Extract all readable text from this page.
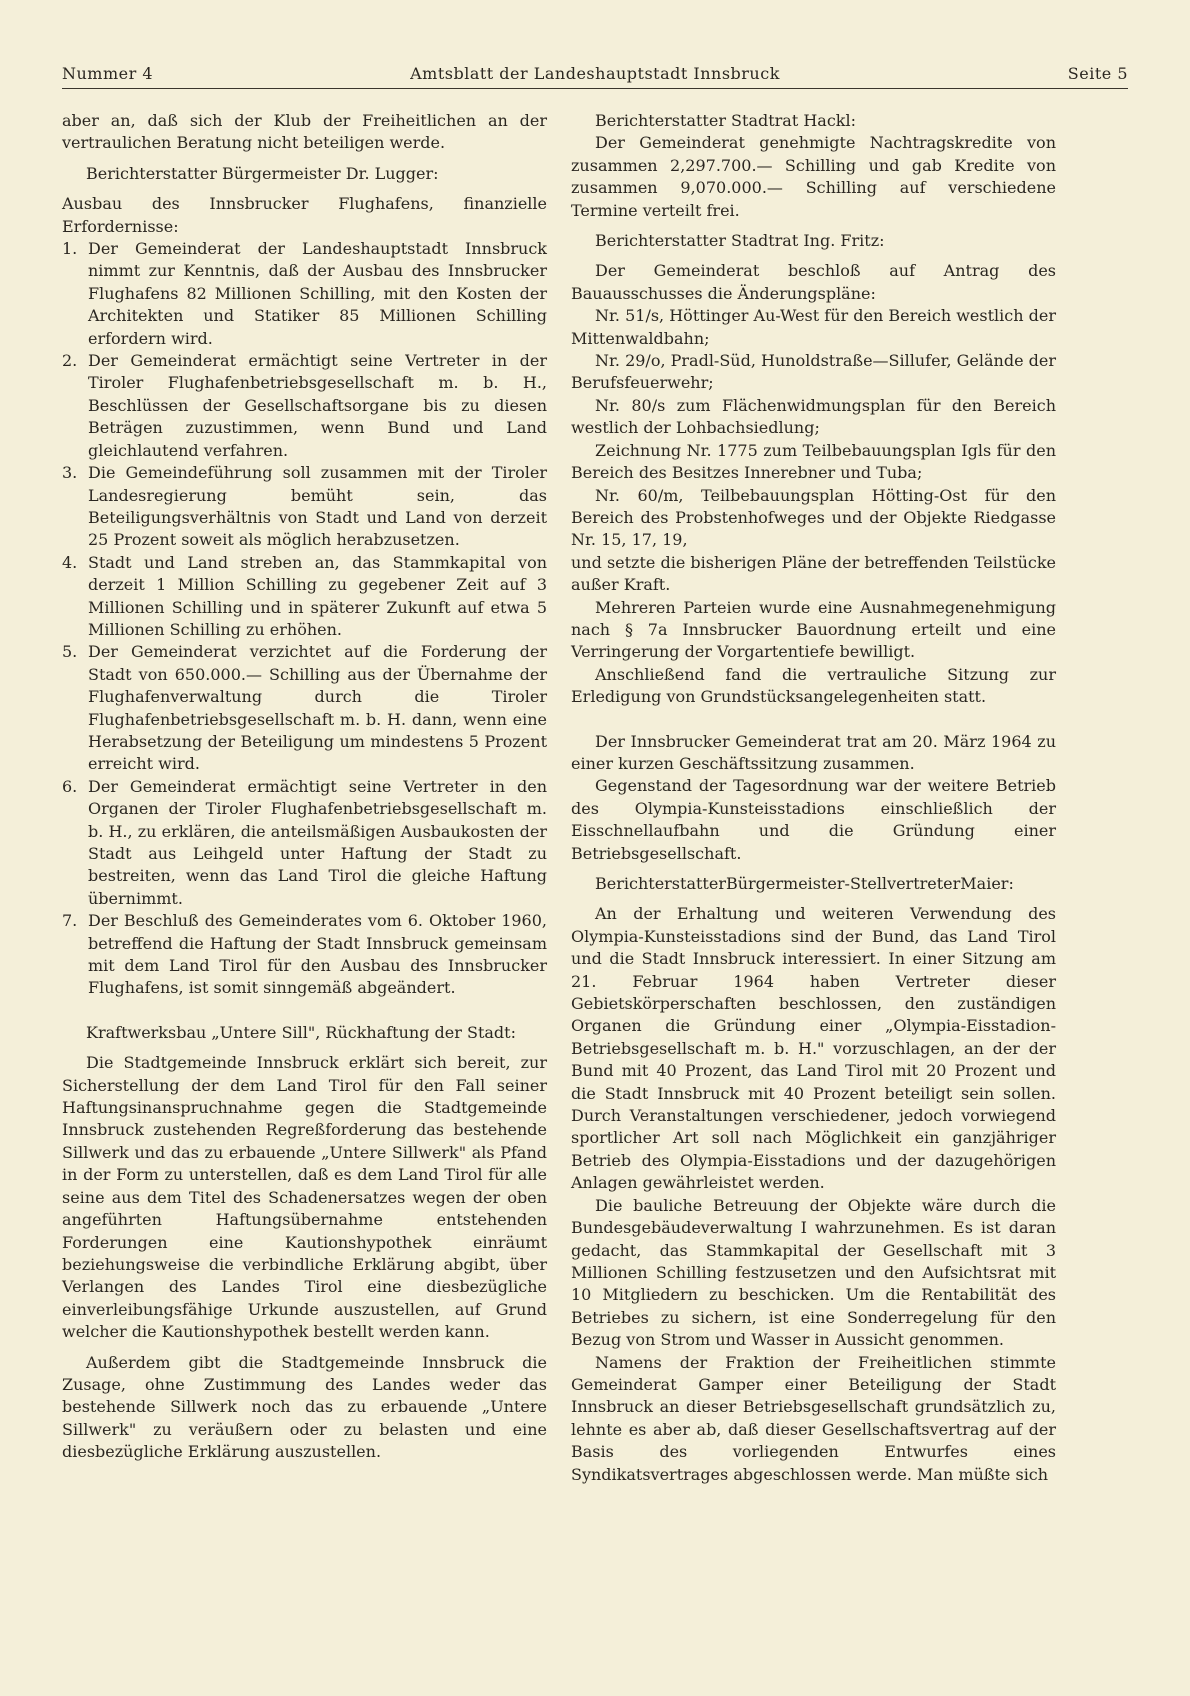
Nummer 4	Amtsblatt der Landeshauptstadt Innsbruck	Seite 5

aber an, daß sich der Klub der Freiheitlichen an der vertraulichen Beratung nicht beteiligen werde.

Berichterstatter Bürgermeister Dr. Lugger:

Ausbau des Innsbrucker Flughafens, finanzielle Erfordernisse:

1. Der Gemeinderat der Landeshauptstadt Innsbruck nimmt zur Kenntnis, daß der Ausbau des Innsbrucker Flughafens 82 Millionen Schilling, mit den Kosten der Architekten und Statiker 85 Millionen Schilling erfordern wird.
2. Der Gemeinderat ermächtigt seine Vertreter in der Tiroler Flughafenbetriebsgesellschaft m. b. H., Beschlüssen der Gesellschaftsorgane bis zu diesen Beträgen zuzustimmen, wenn Bund und Land gleichlautend verfahren.
3. Die Gemeindeführung soll zusammen mit der Tiroler Landesregierung bemüht sein, das Beteiligungsverhältnis von Stadt und Land von derzeit 25 Prozent soweit als möglich herabzusetzen.
4. Stadt und Land streben an, das Stammkapital von derzeit 1 Million Schilling zu gegebener Zeit auf 3 Millionen Schilling und in späterer Zukunft auf etwa 5 Millionen Schilling zu erhöhen.
5. Der Gemeinderat verzichtet auf die Forderung der Stadt von 650.000.— Schilling aus der Übernahme der Flughafenverwaltung durch die Tiroler Flughafenbetriebsgesellschaft m. b. H. dann, wenn eine Herabsetzung der Beteiligung um mindestens 5 Prozent erreicht wird.
6. Der Gemeinderat ermächtigt seine Vertreter in den Organen der Tiroler Flughafenbetriebsgesellschaft m. b. H., zu erklären, die anteilsmäßigen Ausbaukosten der Stadt aus Leihgeld unter Haftung der Stadt zu bestreiten, wenn das Land Tirol die gleiche Haftung übernimmt.
7. Der Beschluß des Gemeinderates vom 6. Oktober 1960, betreffend die Haftung der Stadt Innsbruck gemeinsam mit dem Land Tirol für den Ausbau des Innsbrucker Flughafens, ist somit sinngemäß abgeändert.

Kraftwerksbau „Untere Sill", Rückhaftung der Stadt:

Die Stadtgemeinde Innsbruck erklärt sich bereit, zur Sicherstellung der dem Land Tirol für den Fall seiner Haftungsinanspruchnahme gegen die Stadtgemeinde Innsbruck zustehenden Regreßforderung das bestehende Sillwerk und das zu erbauende „Untere Sillwerk" als Pfand in der Form zu unterstellen, daß es dem Land Tirol für alle seine aus dem Titel des Schadenersatzes wegen der oben angeführten Haftungsübernahme entstehenden Forderungen eine Kautionshypothek einräumt beziehungsweise die verbindliche Erklärung abgibt, über Verlangen des Landes Tirol eine diesbezügliche einverleibungsfähige Urkunde auszustellen, auf Grund welcher die Kautionshypothek bestellt werden kann.

Außerdem gibt die Stadtgemeinde Innsbruck die Zusage, ohne Zustimmung des Landes weder das bestehende Sillwerk noch das zu erbauende „Untere Sillwerk" zu veräußern oder zu belasten und eine diesbezügliche Erklärung auszustellen.

Berichterstatter Stadtrat Hackl:

Der Gemeinderat genehmigte Nachtragskredite von zusammen 2,297.700.— Schilling und gab Kredite von zusammen 9,070.000.— Schilling auf verschiedene Termine verteilt frei.

Berichterstatter Stadtrat Ing. Fritz:

Der Gemeinderat beschloß auf Antrag des Bauausschusses die Änderungspläne:

Nr. 51/s, Höttinger Au-West für den Bereich westlich der Mittenwaldbahn;

Nr. 29/o, Pradl-Süd, Hunoldstraße—Sillufer, Gelände der Berufsfeuerwehr;

Nr. 80/s zum Flächenwidmungsplan für den Bereich westlich der Lohbachsiedlung;

Zeichnung Nr. 1775 zum Teilbebauungsplan Igls für den Bereich des Besitzes Innerebner und Tuba;

Nr. 60/m, Teilbebauungsplan Hötting-Ost für den Bereich des Probstenhofweges und der Objekte Riedgasse Nr. 15, 17, 19,

und setzte die bisherigen Pläne der betreffenden Teilstücke außer Kraft.

Mehreren Parteien wurde eine Ausnahmegenehmigung nach § 7a Innsbrucker Bauordnung erteilt und eine Verringerung der Vorgartentiefe bewilligt.

Anschließend fand die vertrauliche Sitzung zur Erledigung von Grundstücksangelegenheiten statt.

Der Innsbrucker Gemeinderat trat am 20. März 1964 zu einer kurzen Geschäftssitzung zusammen.

Gegenstand der Tagesordnung war der weitere Betrieb des Olympia-Kunsteisstadions einschließlich der Eisschnellaufbahn und die Gründung einer Betriebsgesellschaft.

BerichterstatterBürgermeister-StellvertreterMaier:

An der Erhaltung und weiteren Verwendung des Olympia-Kunsteisstadions sind der Bund, das Land Tirol und die Stadt Innsbruck interessiert. In einer Sitzung am 21. Februar 1964 haben Vertreter dieser Gebietskörperschaften beschlossen, den zuständigen Organen die Gründung einer „Olympia-Eisstadion-Betriebsgesellschaft m. b. H." vorzuschlagen, an der der Bund mit 40 Prozent, das Land Tirol mit 20 Prozent und die Stadt Innsbruck mit 40 Prozent beteiligt sein sollen. Durch Veranstaltungen verschiedener, jedoch vorwiegend sportlicher Art soll nach Möglichkeit ein ganzjähriger Betrieb des Olympia-Eisstadions und der dazugehörigen Anlagen gewährleistet werden.

Die bauliche Betreuung der Objekte wäre durch die Bundesgebäudeverwaltung I wahrzunehmen. Es ist daran gedacht, das Stammkapital der Gesellschaft mit 3 Millionen Schilling festzusetzen und den Aufsichtsrat mit 10 Mitgliedern zu beschicken. Um die Rentabilität des Betriebes zu sichern, ist eine Sonderregelung für den Bezug von Strom und Wasser in Aussicht genommen.

Namens der Fraktion der Freiheitlichen stimmte Gemeinderat Gamper einer Beteiligung der Stadt Innsbruck an dieser Betriebsgesellschaft grundsätzlich zu, lehnte es aber ab, daß dieser Gesellschaftsvertrag auf der Basis des vorliegenden Entwurfes eines Syndikatsvertrages abgeschlossen werde. Man müßte sich
